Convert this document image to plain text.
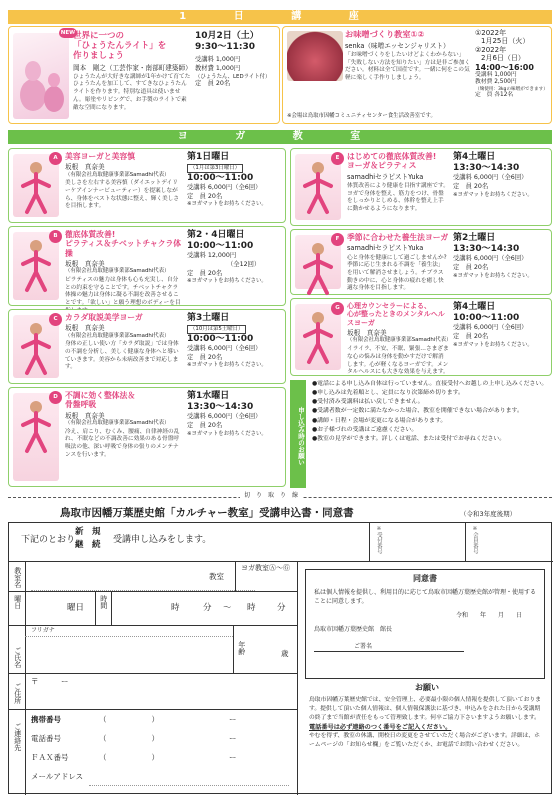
1 日 講 座
NEW
世界に一つの
「ひょうたんライト」を
作りましょう
岡本　剛之（工芸作家・南部町建築師）
ひょうたんが大好きな講師が1年かけて育てたひょうたんを加工して、すてきなひょうたんライトを作ります。特別な道具は使いません。彫塗やリビングで、お手製のライトで素敵な空間になります。
10月2日（土）
9:30～11:30
受講料 1,000円
教材費 1,000円
（ひょうたん、LEDライト付）
定　員 20名
お味噌づくり教室①②
senka（味噌エッセンジャリスト）
「お味噌づくりをしたいけどよくわからない」「失敗しない方法を知りたい」方は是非ご参加ください。材料は全て国産です。一緒に何をこの気軽に楽しく手作りしましょう。
※会場は鳥取市因幡コミュニティセンター食生活改善室です。
①2022年
1月25日（火）
②2022年
2月6日（日）
14:00～16:00
受講料 1,000円
教材費 2,500円
（麹使用：3kgの味噌ができます）
定　員 各12名
ヨ ガ 教 室
A 美容ヨーガと美容慎
坂根　真奈美
（有限会社鳥取健康事業部Samadhi代表）
美しさを左右する美容慎（ダイエットデイリーケアインナービューティー）を提案しながら、身体をベストな状態に整え、輝く美しさを目指します。
第1日曜日
（1月は第3日曜日）
10:00～11:00
受講料 6,000円（全6回）
定　員 20名
※ヨガマットをお持ちください。
B 徹底体質改善!
ピラティス＆チベットチャクラ体操
坂根　真奈美
（有限会社鳥取健康事業部Samadhi代表）
ピラティスの魅力は身体も心も充実し、自分との約束を守ることです。チベットチャクラ体操の魅力は身体に凝る不調を改善させることです。「欲しい」と願う理想のボディーを目
第2・4日曜日
10:00～11:00
受講料 12,000円
（全12回）
定　員 20名
※ヨガマットをお持ちください。
C カラダ取説美学ヨーガ
坂根　真奈美
（有限会社鳥取健康事業部Samadhi代表）
身体の正しい使い方「カラダ取説」では身体の不調を分析し、美しく健康な身体へと導いていきます。美容から未病改善まで対応します。
第3土曜日
（10月は第5土曜日）
10:00～11:00
受講料 6,000円（全6回）
定　員 20名
※ヨガマットをお持ちください。
D 不調に効く整体法＆
骨盤呼吸
坂根　真奈美
（有限会社鳥取健康事業部Samadhi代表）
冷え、肩こり、むくみ、腰痛、自律神経の乱れ、不眠などの不調改善に効果のある骨盤呼吸法の他、深い呼吸で身体の張りのメンテナンスを行います。
第1水曜日
13:30～14:30
受講料 6,000円（全6回）
定　員 20名
※ヨガマットをお持ちください。
E はじめての徹底体質改善!
ヨーガ＆ピラティス
samadhiセラピストYuka
体質改善により健康を目指す講座です。ヨガで身体を整え、筋力をつけ、骨盤をしっかりとしめる、体幹を整え上手に動かせるようになります。
第4土曜日
13:30～14:30
受講料 6,000円（全6回）
定　員 20名
※ヨガマットをお持ちください。
F 季節に合わせた養生法ヨーガ
samadhiセラピストYuka
心と身体を健康にして過ごしませんか?季節に応じ生まれる不調を「養生法」を用いて解消させましょう。チブラス動きの中に、心と身体の疲れを癒し快適な身体を目指します。
第2土曜日
13:30～14:30
受講料 6,000円（全6回）
定　員 20名
※ヨガマットをお持ちください。
G	心理カウンセラーによる、
心が整ったときのメンタルヘルスヨーガ
坂根　真奈美
（有限会社鳥取健康事業部Samadhi代表）
イライラ、不安、不眠、緊張…さまざまな心の悩みは身体を動かすだけで解消します。心が軽くなるヨーガです。メンタルヘルスにも大きな効果を与えます。
第4土曜日
10:00～11:00
受講料 6,000円（全6回）
定　員 20名
※ヨガマットをお持ちください。
申し込み時のお願い
●電話による申し込み自体は行っていません。直接受付へお越しの上申し込みください。
●申し込みは先着順とし、定員になり次第締め切ります。
●受付済み受講料は払い戻しできません。
●受講者数が一定数に満たなかった場合、教室を開催できない場合があります。
●講師・日程・会場が変更になる場合があります。
●お子様づれの受講はご遠慮ください。
●教室の見学ができます。詳しくは電話、または受付でお尋ねください。
切　り　取　り　線
鳥取市因幡万葉歴史館「カルチャー教室」受講申込書・同意書	（令和3年度後期）
下記のとおり
新　規
継　続 受講申し込みをします。	※受付番号	※会員番号
教室名	教室
ヨガ教室Ⓐ～Ⓖ
曜日	曜日 時間	時	分 ～ 時	分
フリガナ
ご氏名	年齢	歳
ご住所
〒　　　ー
ご連絡先
携帯番号	（　　　　　　）	ー
電話番号	（　　　　　　）	ー
ＦＡＸ番号	（　　　　　　）	ー
メールアドレス
同意書
私は個人情報を提供し、利用目的に応じて鳥取市因幡万葉歴史館が管理・使用することに同意します。
令和　　年　　月　　日
鳥取市因幡万葉歴史館　館長
ご署名
お願い
鳥取市因幡万葉歴史館では、安全管理上、必要最小限の個人情報を提供して頂いております。提供して頂いた個人情報は、個人情報保護法に基づき、申込みをされた日から受講期の終了まで当館が責任をもって管理致します。何卒ご協力下さいますようお願いします。
電話番号は必ず連絡のつく番号をご記入ください。
やむを得ず、教室の休講、開校日の変更をさせていただく場合がございます。詳細は、ホームページの「お知らせ欄」をご覧いただくか、お電話でお問い合わせください。
